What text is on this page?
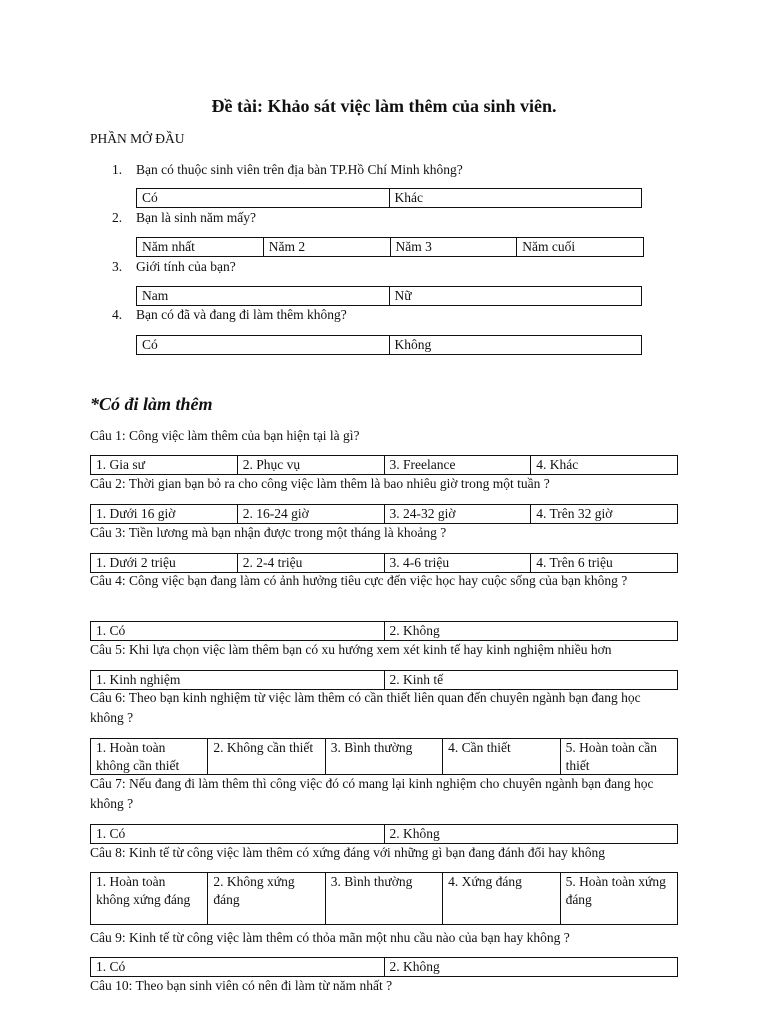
Đề tài: Khảo sát việc làm thêm của sinh viên.

PHẦN MỞ ĐẦU

1. Bạn có thuộc sinh viên trên địa bàn TP.Hồ Chí Minh không?
Có	Khác
2. Bạn là sinh năm mấy?
Năm nhất	Năm 2	Năm 3	Năm cuối
3. Giới tính của bạn?
Nam	Nữ
4. Bạn có đã và đang đi làm thêm không?
Có	Không
*Có đi làm thêm

Câu 1: Công việc làm thêm của bạn hiện tại là gì?

1. Gia sư	2. Phục vụ	3. Freelance	4. Khác

Câu 2: Thời gian bạn bỏ ra cho công việc làm thêm là bao nhiêu giờ trong một tuần ?

1. Dưới 16 giờ	2. 16-24 giờ	3. 24-32 giờ	4. Trên 32 giờ

Câu 3: Tiền lương mà bạn nhận được trong một tháng là khoảng ?

1. Dưới 2 triệu	2. 2-4 triệu	3. 4-6 triệu	4. Trên 6 triệu

Câu 4: Công việc bạn đang làm có ảnh hưởng tiêu cực đến việc học hay cuộc sống của bạn không ?

1. Có	2. Không

Câu 5: Khi lựa chọn việc làm thêm bạn có xu hướng xem xét kinh tế hay kinh nghiệm nhiều hơn

1. Kinh nghiệm	2. Kinh tế

Câu 6: Theo bạn kinh nghiệm từ việc làm thêm có cần thiết liên quan đến chuyên ngành bạn đang học không ?

1. Hoàn toàn không cần thiết	2. Không cần thiết	3. Bình thường	4. Cần thiết	5. Hoàn toàn cần thiết

Câu 7: Nếu đang đi làm thêm thì công việc đó có mang lại kinh nghiệm cho chuyên ngành bạn đang học không ?

1. Có	2. Không

Câu 8: Kinh tế từ công việc làm thêm có xứng đáng với những gì bạn đang đánh đổi hay không

1. Hoàn toàn không xứng đáng	2. Không xứng đáng	3. Bình thường	4. Xứng đáng	5. Hoàn toàn xứng đáng

Câu 9: Kinh tế từ công việc làm thêm có thỏa mãn một nhu cầu nào của bạn hay không ?

1. Có	2. Không

Câu 10: Theo bạn sinh viên có nên đi làm từ năm nhất ?
